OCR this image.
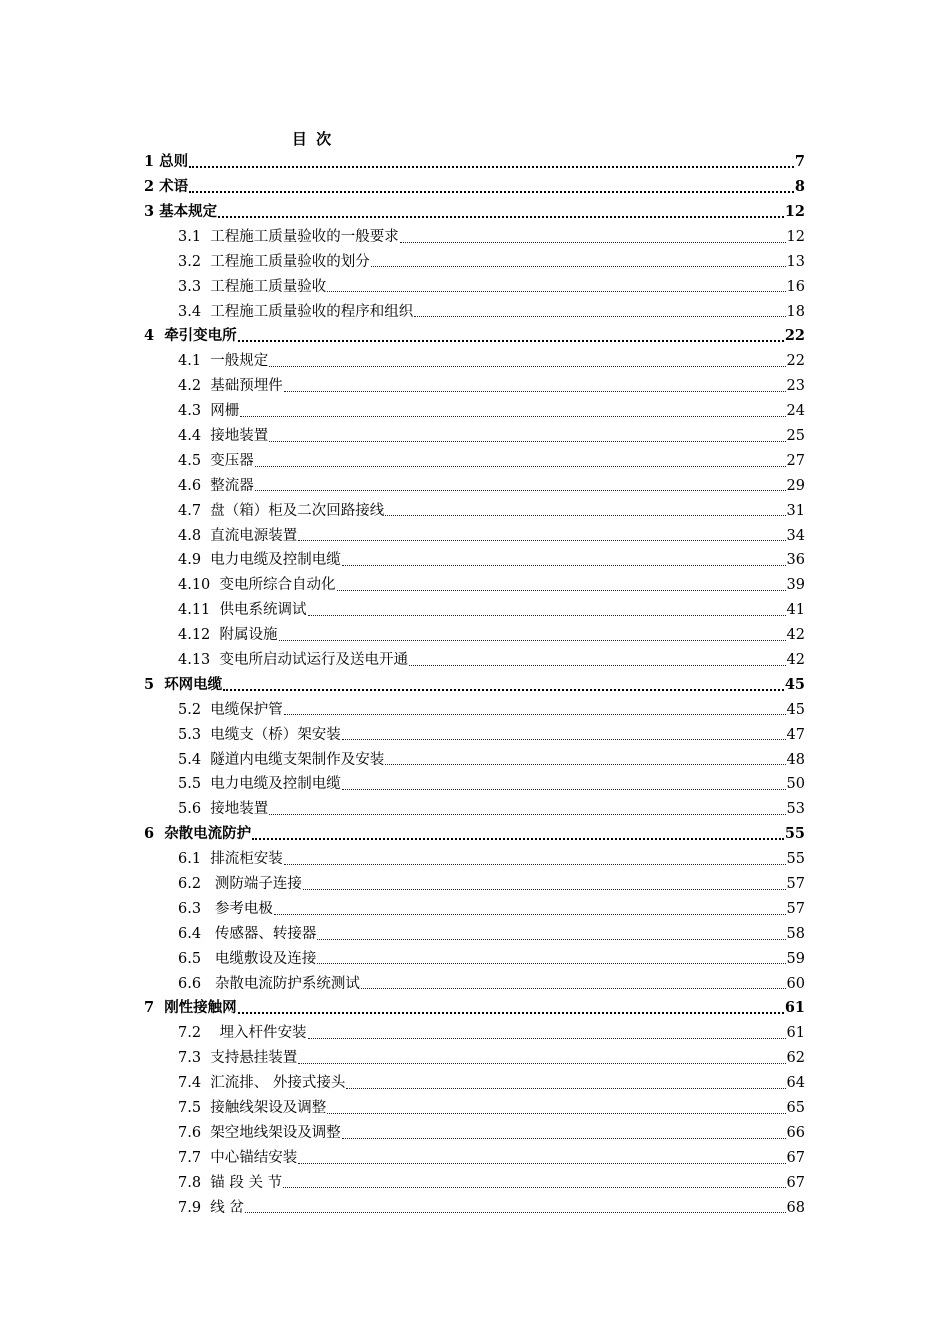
目 次
1 总则	7
2 术语	8
3 基本规定	12
3.1 工程施工质量验收的一般要求	12
3.2 工程施工质量验收的划分	13
3.3 工程施工质量验收	16
3.4 工程施工质量验收的程序和组织	18
4 牵引变电所	22
4.1 一般规定	22
4.2 基础预埋件	23
4.3 网栅	24
4.4 接地装置	25
4.5 变压器	27
4.6 整流器	29
4.7 盘（箱）柜及二次回路接线	31
4.8 直流电源装置	34
4.9 电力电缆及控制电缆	36
4.10 变电所综合自动化	39
4.11 供电系统调试	41
4.12 附属设施	42
4.13 变电所启动试运行及送电开通	42
5 环网电缆	45
5.2 电缆保护管	45
5.3 电缆支（桥）架安装	47
5.4 隧道内电缆支架制作及安装	48
5.5 电力电缆及控制电缆	50
5.6 接地装置	53
6 杂散电流防护	55
6.1 排流柜安装	55
6.2 测防端子连接	57
6.3 参考电极	57
6.4 传感器、转接器	58
6.5 电缆敷设及连接	59
6.6 杂散电流防护系统测试	60
7 刚性接触网	61
7.2 埋入杆件安装	61
7.3 支持悬挂装置	62
7.4 汇流排、 外接式接头	64
7.5 接触线架设及调整	65
7.6 架空地线架设及调整	66
7.7 中心锚结安装	67
7.8 锚 段 关 节	67
7.9 线 岔	68
